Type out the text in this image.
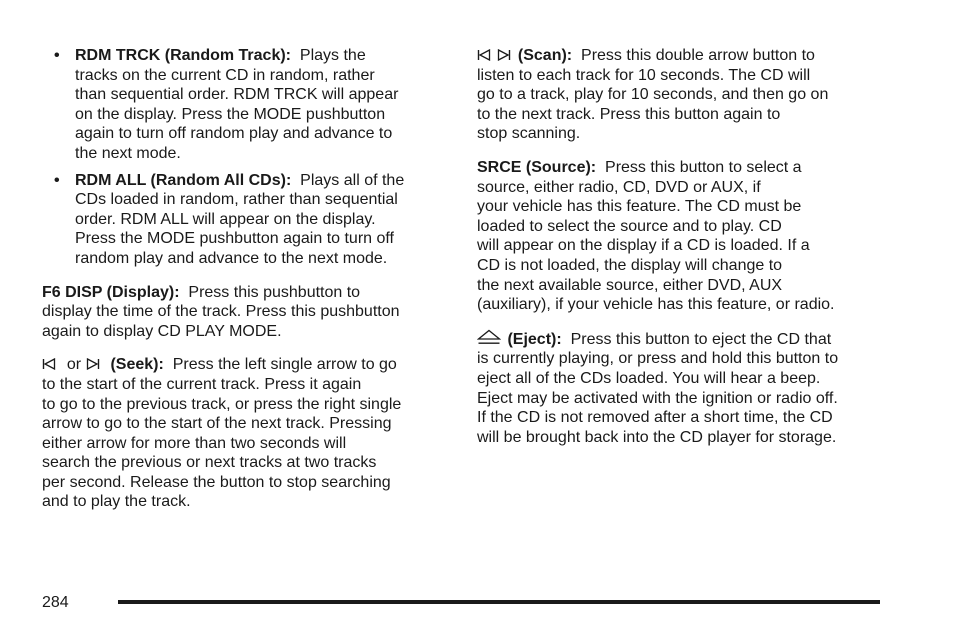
• RDM TRCK (Random Track): Plays the
tracks on the current CD in random, rather
than sequential order. RDM TRCK will appear
on the display. Press the MODE pushbutton
again to turn off random play and advance to
the next mode.

• RDM ALL (Random All CDs): Plays all of the
CDs loaded in random, rather than sequential
order. RDM ALL will appear on the display.
Press the MODE pushbutton again to turn off
random play and advance to the next mode.

F6 DISP (Display): Press this pushbutton to
display the time of the track. Press this pushbutton
again to display CD PLAY MODE.

or (Seek): Press the left single arrow to go
to the start of the current track. Press it again
to go to the previous track, or press the right single
arrow to go to the start of the next track. Pressing
either arrow for more than two seconds will
search the previous or next tracks at two tracks
per second. Release the button to stop searching
and to play the track.

(Scan): Press this double arrow button to
listen to each track for 10 seconds. The CD will
go to a track, play for 10 seconds, and then go on
to the next track. Press this button again to
stop scanning.

SRCE (Source): Press this button to select a
source, either radio, CD, DVD or AUX, if
your vehicle has this feature. The CD must be
loaded to select the source and to play. CD
will appear on the display if a CD is loaded. If a
CD is not loaded, the display will change to
the next available source, either DVD, AUX
(auxiliary), if your vehicle has this feature, or radio.

(Eject): Press this button to eject the CD that
is currently playing, or press and hold this button to
eject all of the CDs loaded. You will hear a beep.
Eject may be activated with the ignition or radio off.
If the CD is not removed after a short time, the CD
will be brought back into the CD player for storage.

284
